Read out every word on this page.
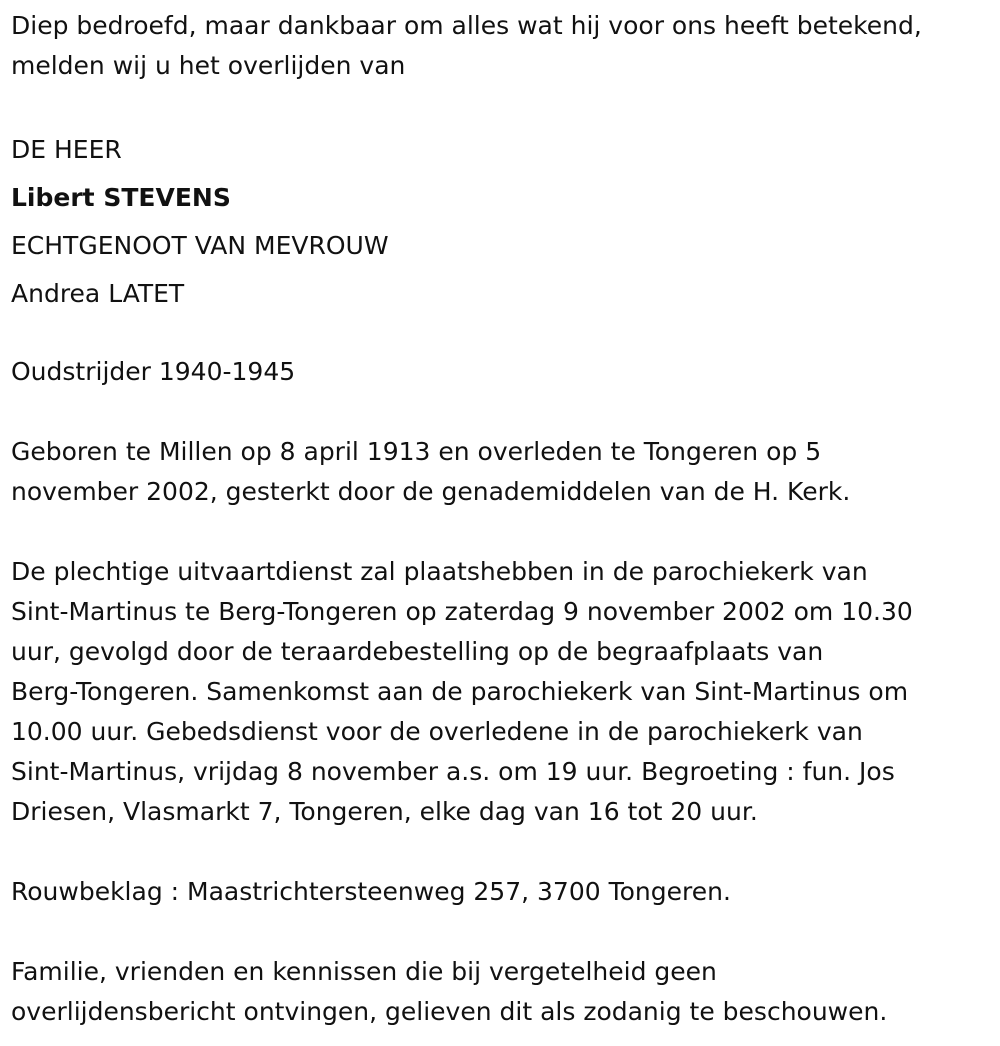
Diep bedroefd, maar dankbaar om alles wat hij voor ons heeft betekend,

melden wij u het overlijden van

DE HEER

Libert STEVENS

ECHTGENOOT VAN MEVROUW

Andrea LATET

Oudstrijder 1940-1945

Geboren te Millen op 8 april 1913 en overleden te Tongeren op 5

november 2002, gesterkt door de genademiddelen van de H. Kerk.

De plechtige uitvaartdienst zal plaatshebben in de parochiekerk van

Sint-Martinus te Berg-Tongeren op zaterdag 9 november 2002 om 10.30

uur, gevolgd door de teraardebestelling op de begraafplaats van

Berg-Tongeren. Samenkomst aan de parochiekerk van Sint-Martinus om

10.00 uur. Gebedsdienst voor de overledene in de parochiekerk van

Sint-Martinus, vrijdag 8 november a.s. om 19 uur. Begroeting : fun. Jos

Driesen, Vlasmarkt 7, Tongeren, elke dag van 16 tot 20 uur.

Rouwbeklag : Maastrichtersteenweg 257, 3700 Tongeren.

Familie, vrienden en kennissen die bij vergetelheid geen

overlijdensbericht ontvingen, gelieven dit als zodanig te beschouwen.
